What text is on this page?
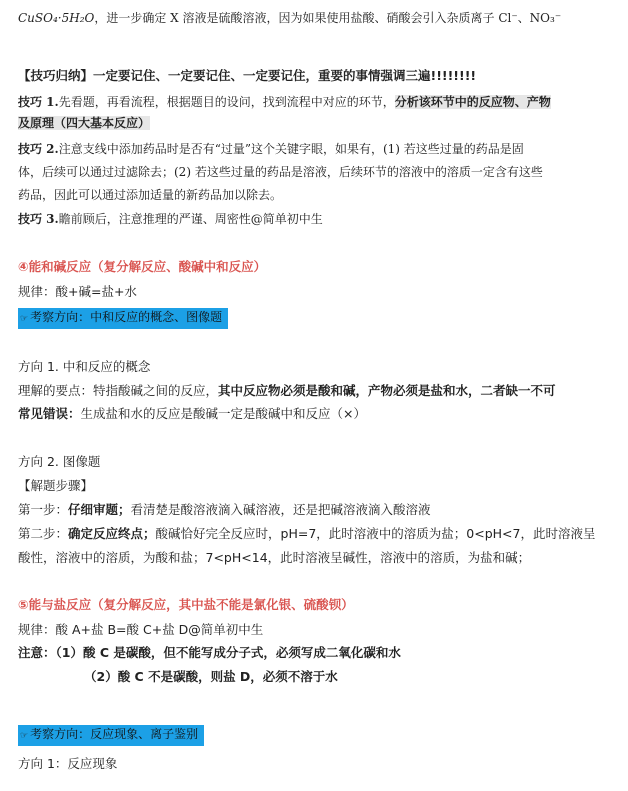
CuSO₄·5H₂O，进一步确定 X 溶液是硫酸溶液，因为如果使用盐酸、硝酸会引入杂质离子 Cl⁻、NO₃⁻
【技巧归纳】一定要记住、一定要记住、一定要记住，重要的事情强调三遍!!!!!!!!
技巧 1.先看题，再看流程，根据题目的设问，找到流程中对应的环节，分析该环节中的反应物、产物
及原理（四大基本反应）
技巧 2.注意支线中添加药品时是否有“过量”这个关键字眼，如果有，(1) 若这些过量的药品是固
体，后续可以通过过滤除去；(2) 若这些过量的药品是溶液，后续环节的溶液中的溶质一定含有这些
药品，因此可以通过添加适量的新药品加以除去。
技巧 3.瞻前顾后，注意推理的严谨、周密性@简单初中生
④能和碱反应（复分解反应、酸碱中和反应）
规律：酸+碱=盐+水
☞ 考察方向：中和反应的概念、图像题
方向 1. 中和反应的概念
理解的要点：特指酸碱之间的反应，其中反应物必须是酸和碱，产物必须是盐和水，二者缺一不可
常见错误：生成盐和水的反应是酸碱一定是酸碱中和反应（×）
方向 2. 图像题
【解题步骤】
第一步：仔细审题；看清楚是酸溶液滴入碱溶液，还是把碱溶液滴入酸溶液
第二步：确定反应终点；酸碱恰好完全反应时，pH=7，此时溶液中的溶质为盐；0<pH<7，此时溶液呈
酸性，溶液中的溶质，为酸和盐；7<pH<14，此时溶液呈碱性，溶液中的溶质，为盐和碱；
⑤能与盐反应（复分解反应，其中盐不能是氯化银、硫酸钡）
规律：酸 A+盐 B=酸 C+盐 D@简单初中生
注意：（1）酸 C 是碳酸，但不能写成分子式，必须写成二氧化碳和水
（2）酸 C 不是碳酸，则盐 D，必须不溶于水
☞ 考察方向：反应现象、离子鉴别
方向 1：反应现象
